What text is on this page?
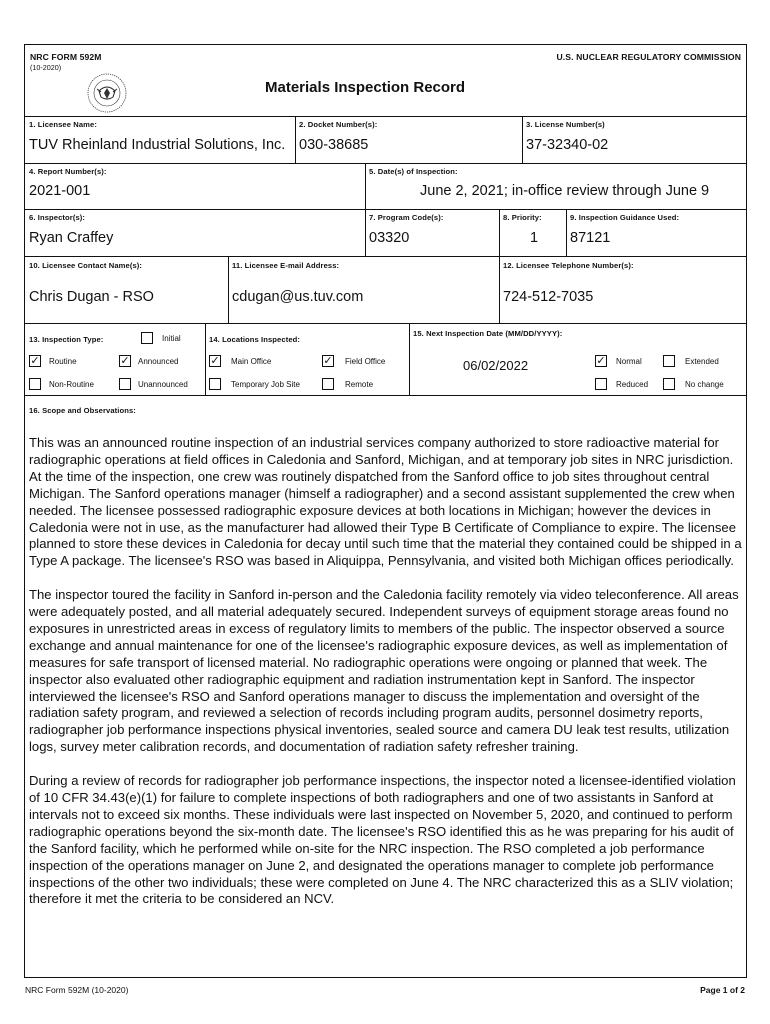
NRC FORM 592M
(10-2020)
U.S. NUCLEAR REGULATORY COMMISSION
Materials Inspection Record
1. Licensee Name:
TUV Rheinland Industrial Solutions, Inc.
2. Docket Number(s):
030-38685
3. License Number(s)
37-32340-02
4. Report Number(s):
2021-001
5. Date(s) of Inspection:
June 2, 2021; in-office review through June 9
6. Inspector(s):
Ryan Craffey
7. Program Code(s):
03320
8. Priority:
1
9. Inspection Guidance Used:
87121
10. Licensee Contact Name(s):
Chris Dugan - RSO
11. Licensee E-mail Address:
cdugan@us.tuv.com
12. Licensee Telephone Number(s):
724-512-7035
13. Inspection Type:	Initial
✓ Routine	✓ Announced
Non-Routine	Unannounced
14. Locations Inspected:
✓ Main Office	✓ Field Office
Temporary Job Site	Remote
15. Next Inspection Date (MM/DD/YYYY):
06/02/2022	✓ Normal	Extended
Reduced	No change
16. Scope and Observations:

This was an announced routine inspection of an industrial services company authorized to store radioactive material for radiographic operations at field offices in Caledonia and Sanford, Michigan, and at temporary job sites in NRC jurisdiction. At the time of the inspection, one crew was routinely dispatched from the Sanford office to job sites throughout central Michigan. The Sanford operations manager (himself a radiographer) and a second assistant supplemented the crew when needed. The licensee possessed radiographic exposure devices at both locations in Michigan; however the devices in Caledonia were not in use, as the manufacturer had allowed their Type B Certificate of Compliance to expire. The licensee planned to store these devices in Caledonia for decay until such time that the material they contained could be shipped in a Type A package. The licensee's RSO was based in Aliquippa, Pennsylvania, and visited both Michigan offices periodically.

The inspector toured the facility in Sanford in-person and the Caledonia facility remotely via video teleconference. All areas were adequately posted, and all material adequately secured. Independent surveys of equipment storage areas found no exposures in unrestricted areas in excess of regulatory limits to members of the public. The inspector observed a source exchange and annual maintenance for one of the licensee's radiographic exposure devices, as well as implementation of measures for safe transport of licensed material. No radiographic operations were ongoing or planned that week. The inspector also evaluated other radiographic equipment and radiation instrumentation kept in Sanford. The inspector interviewed the licensee's RSO and Sanford operations manager to discuss the implementation and oversight of the radiation safety program, and reviewed a selection of records including program audits, personnel dosimetry reports, radiographer job performance inspections physical inventories, sealed source and camera DU leak test results, utilization logs, survey meter calibration records, and documentation of radiation safety refresher training.

During a review of records for radiographer job performance inspections, the inspector noted a licensee-identified violation of 10 CFR 34.43(e)(1) for failure to complete inspections of both radiographers and one of two assistants in Sanford at intervals not to exceed six months. These individuals were last inspected on November 5, 2020, and continued to perform radiographic operations beyond the six-month date. The licensee's RSO identified this as he was preparing for his audit of the Sanford facility, which he performed while on-site for the NRC inspection. The RSO completed a job performance inspection of the operations manager on June 2, and designated the operations manager to complete job performance inspections of the other two individuals; these were completed on June 4. The NRC characterized this as a SLIV violation; therefore it met the criteria to be considered an NCV.

NRC Form 592M (10-2020)	Page 1 of 2
